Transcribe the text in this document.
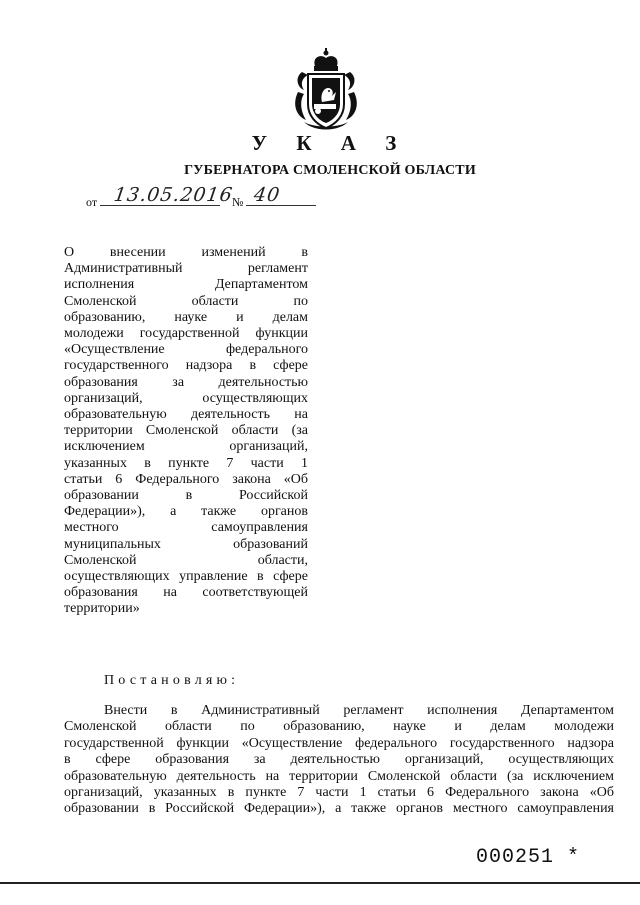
У К А З
ГУБЕРНАТОРА СМОЛЕНСКОЙ ОБЛАСТИ
от 13.05.2016
№ 40
О внесении изменений в
Административный регламент
исполнения Департаментом
Смоленской области по
образованию, науке и делам
молодежи государственной функции
«Осуществление федерального
государственного надзора в сфере
образования за деятельностью
организаций, осуществляющих
образовательную деятельность на
территории Смоленской области (за
исключением организаций,
указанных в пункте 7 части 1
статьи 6 Федерального закона «Об
образовании в Российской
Федерации»), а также органов
местного самоуправления
муниципальных образований
Смоленской области,
осуществляющих управление в сфере
образования на соответствующей
территории»
Постановляю:
Внести в Административный регламент исполнения Департаментом
Смоленской области по образованию, науке и делам молодежи
государственной функции «Осуществление федерального государственного надзора
в сфере образования за деятельностью организаций, осуществляющих
образовательную деятельность на территории Смоленской области (за исключением
организаций, указанных в пункте 7 части 1 статьи 6 Федерального закона «Об
образовании в Российской Федерации»), а также органов местного самоуправления
000251 *
